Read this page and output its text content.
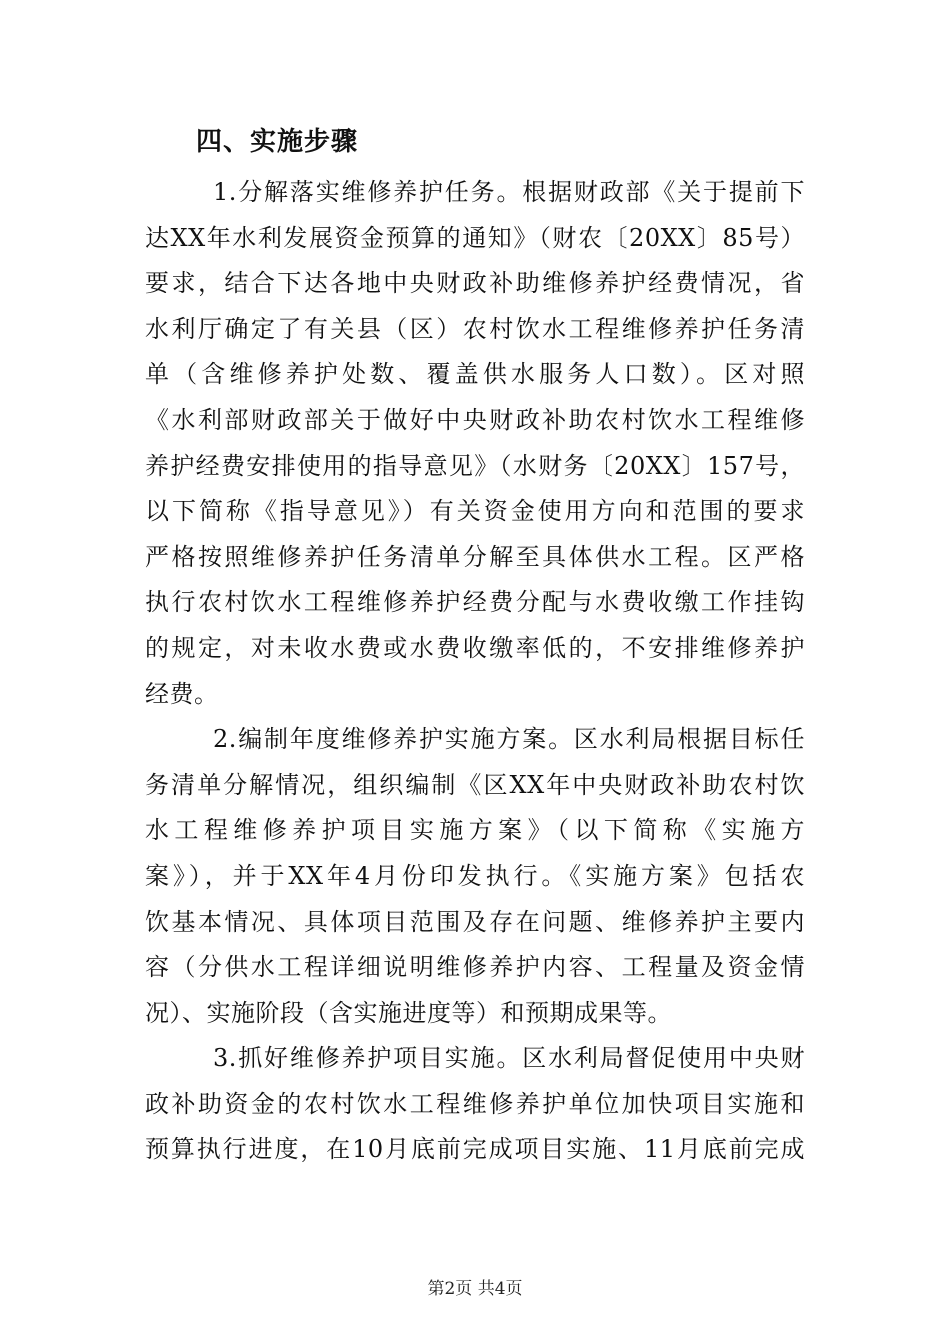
四、实施步骤
1.分解落实维修养护任务。根据财政部《关于提前下
达XX年水利发展资金预算的通知》（财农〔20XX〕85号）
要求，结合下达各地中央财政补助维修养护经费情况，省
水利厅确定了有关县（区）农村饮水工程维修养护任务清
单（含维修养护处数、覆盖供水服务人口数）。区对照
《水利部财政部关于做好中央财政补助农村饮水工程维修
养护经费安排使用的指导意见》（水财务〔20XX〕157号，
以下简称《指导意见》）有关资金使用方向和范围的要求
严格按照维修养护任务清单分解至具体供水工程。区严格
执行农村饮水工程维修养护经费分配与水费收缴工作挂钩
的规定，对未收水费或水费收缴率低的，不安排维修养护
经费。
2.编制年度维修养护实施方案。区水利局根据目标任
务清单分解情况，组织编制《区XX年中央财政补助农村饮
水工程维修养护项目实施方案》（以下简称《实施方
案》），并于XX年4月份印发执行。《实施方案》包括农
饮基本情况、具体项目范围及存在问题、维修养护主要内
容（分供水工程详细说明维修养护内容、工程量及资金情
况）、实施阶段（含实施进度等）和预期成果等。
3.抓好维修养护项目实施。区水利局督促使用中央财
政补助资金的农村饮水工程维修养护单位加快项目实施和
预算执行进度，在10月底前完成项目实施、11月底前完成
第2页 共4页
